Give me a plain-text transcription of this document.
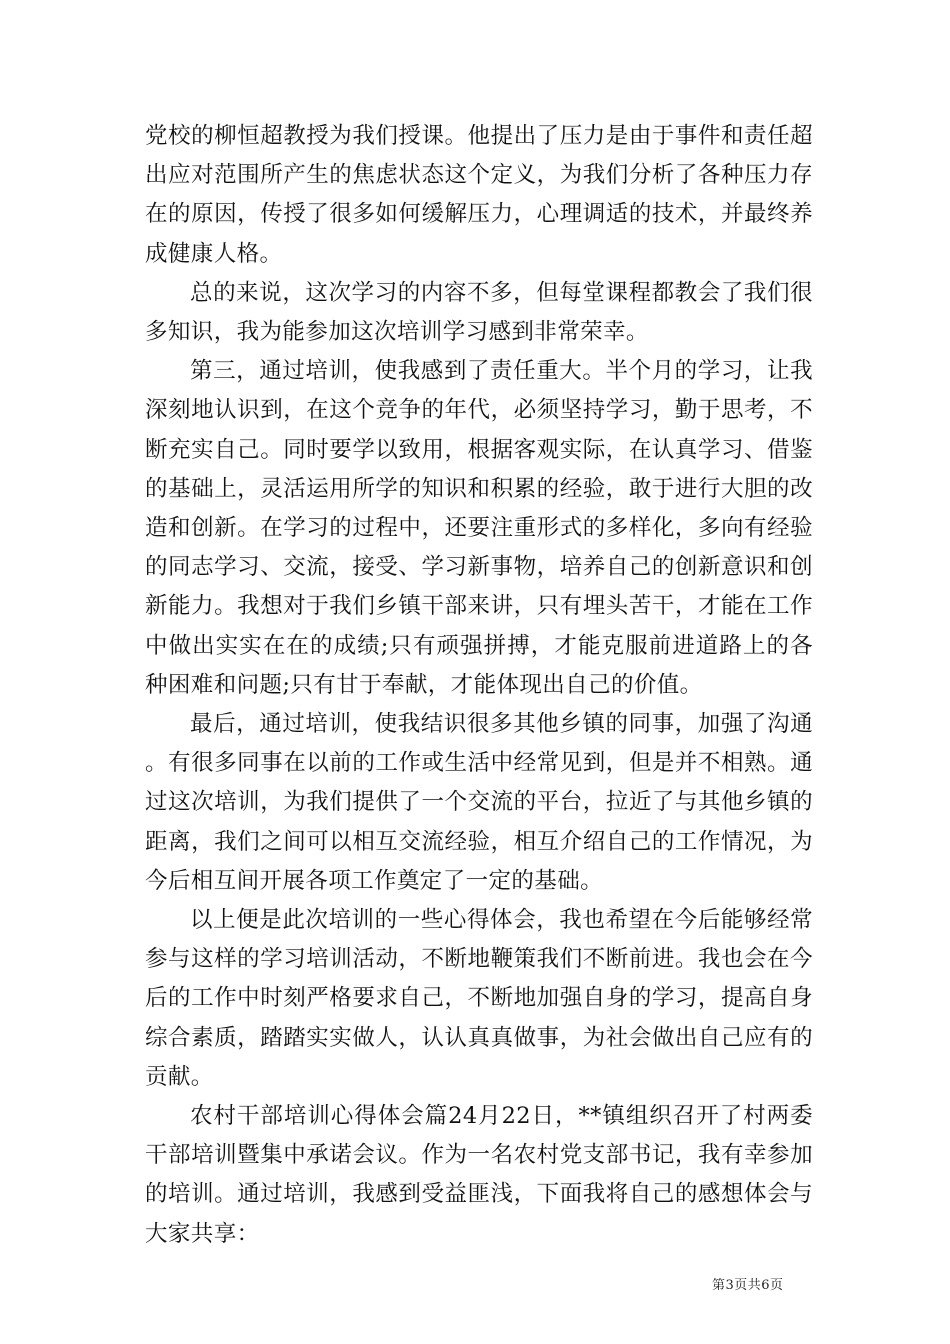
党校的柳恒超教授为我们授课。他提出了压力是由于事件和责任超出应对范围所产生的焦虑状态这个定义，为我们分析了各种压力存在的原因，传授了很多如何缓解压力，心理调适的技术，并最终养成健康人格。

总的来说，这次学习的内容不多，但每堂课程都教会了我们很多知识，我为能参加这次培训学习感到非常荣幸。

第三，通过培训，使我感到了责任重大。半个月的学习，让我深刻地认识到，在这个竞争的年代，必须坚持学习，勤于思考，不断充实自己。同时要学以致用，根据客观实际，在认真学习、借鉴的基础上，灵活运用所学的知识和积累的经验，敢于进行大胆的改造和创新。在学习的过程中，还要注重形式的多样化，多向有经验的同志学习、交流，接受、学习新事物，培养自己的创新意识和创新能力。我想对于我们乡镇干部来讲，只有埋头苦干，才能在工作中做出实实在在的成绩;只有顽强拼搏，才能克服前进道路上的各种困难和问题;只有甘于奉献，才能体现出自己的价值。

最后，通过培训，使我结识很多其他乡镇的同事，加强了沟通。有很多同事在以前的工作或生活中经常见到，但是并不相熟。通过这次培训，为我们提供了一个交流的平台，拉近了与其他乡镇的距离，我们之间可以相互交流经验，相互介绍自己的工作情况，为今后相互间开展各项工作奠定了一定的基础。

以上便是此次培训的一些心得体会，我也希望在今后能够经常参与这样的学习培训活动，不断地鞭策我们不断前进。我也会在今后的工作中时刻严格要求自己，不断地加强自身的学习，提高自身综合素质，踏踏实实做人，认认真真做事，为社会做出自己应有的贡献。

农村干部培训心得体会篇24月22日，**镇组织召开了村两委干部培训暨集中承诺会议。作为一名农村党支部书记，我有幸参加的培训。通过培训，我感到受益匪浅，下面我将自己的感想体会与大家共享：

第3页共6页
